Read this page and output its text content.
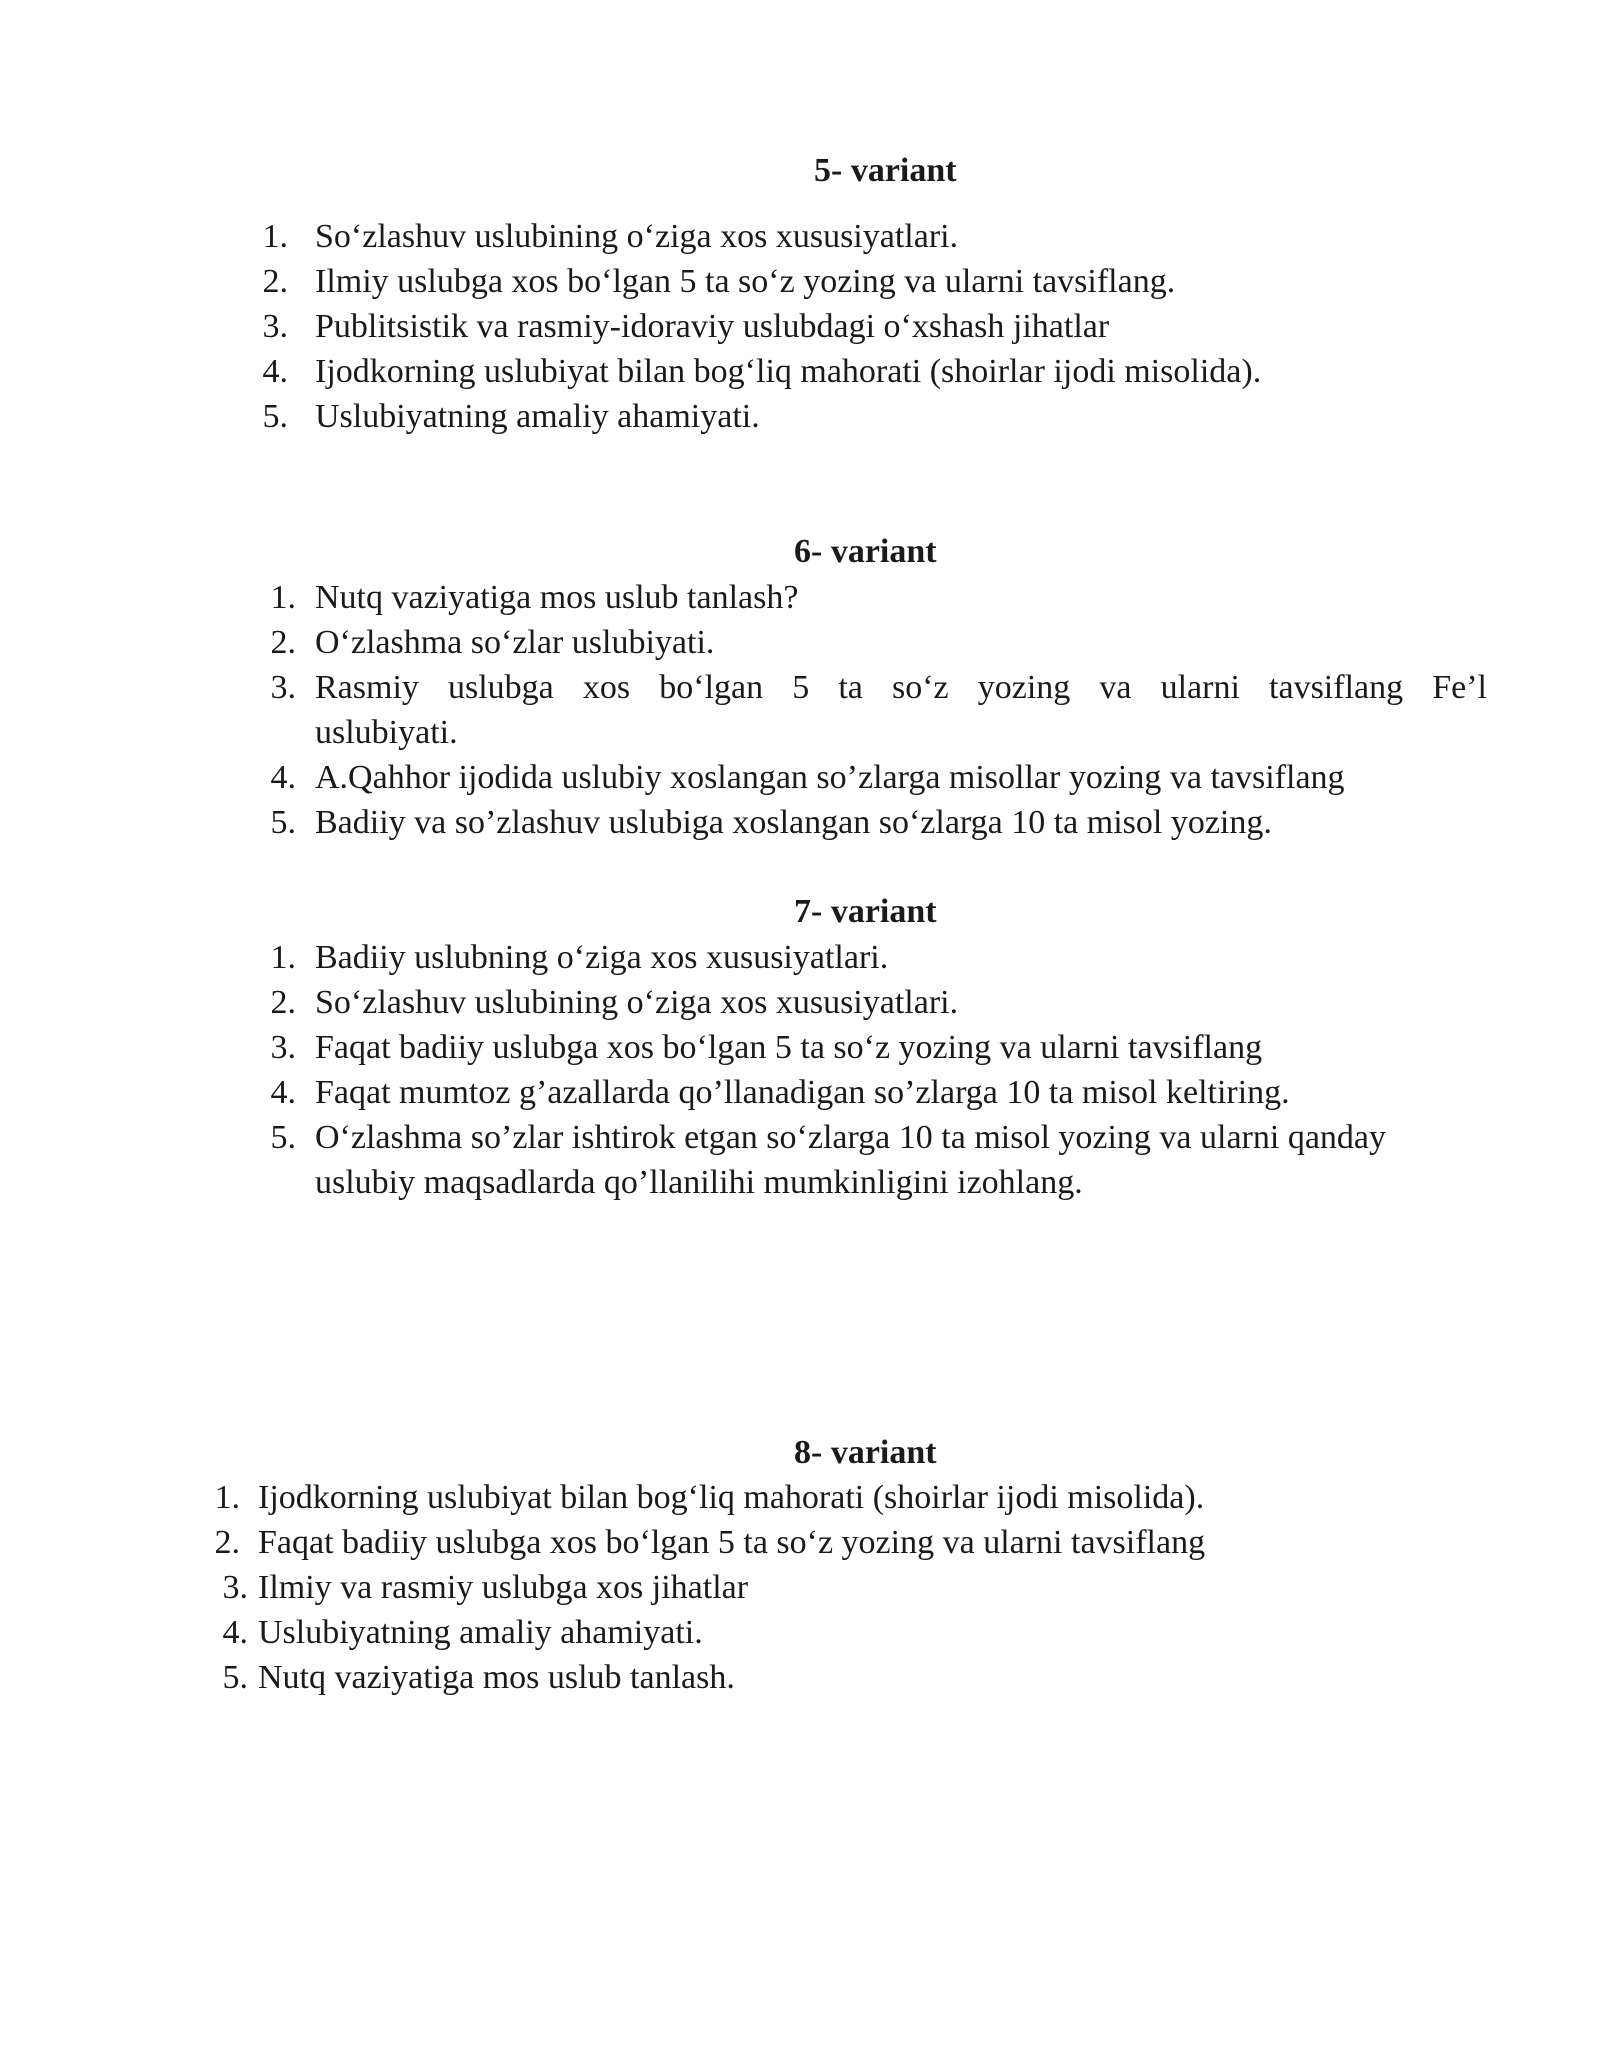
5- variant
1. So‘zlashuv uslubining o‘ziga xos xususiyatlari.
2. Ilmiy uslubga xos bo‘lgan 5 ta so‘z yozing va ularni tavsiflang.
3. Publitsistik va rasmiy-idoraviy uslubdagi o‘xshash jihatlar
4. Ijodkorning uslubiyat bilan bog‘liq mahorati (shoirlar ijodi misolida).
5. Uslubiyatning amaliy ahamiyati.
6- variant
1. Nutq vaziyatiga mos uslub tanlash?
2. O‘zlashma so‘zlar uslubiyati.
3. Rasmiy uslubga xos bo‘lgan 5 ta so‘z yozing va ularni tavsiflang Fe’l
uslubiyati.
4. A.Qahhor ijodida uslubiy xoslangan so’zlarga misollar yozing va tavsiflang
5. Badiiy va so’zlashuv uslubiga xoslangan so‘zlarga 10 ta misol yozing.
7- variant
1. Badiiy uslubning o‘ziga xos xususiyatlari.
2. So‘zlashuv uslubining o‘ziga xos xususiyatlari.
3. Faqat badiiy uslubga xos bo‘lgan 5 ta so‘z yozing va ularni tavsiflang
4. Faqat mumtoz g’azallarda qo’llanadigan so’zlarga 10 ta misol keltiring.
5. O‘zlashma so’zlar ishtirok etgan so‘zlarga 10 ta misol yozing va ularni qanday
uslubiy maqsadlarda qo’llanilihi mumkinligini izohlang.
8- variant
1. Ijodkorning uslubiyat bilan bog‘liq mahorati (shoirlar ijodi misolida).
2. Faqat badiiy uslubga xos bo‘lgan 5 ta so‘z yozing va ularni tavsiflang
3. Ilmiy va rasmiy uslubga xos jihatlar
4. Uslubiyatning amaliy ahamiyati.
5. Nutq vaziyatiga mos uslub tanlash.
